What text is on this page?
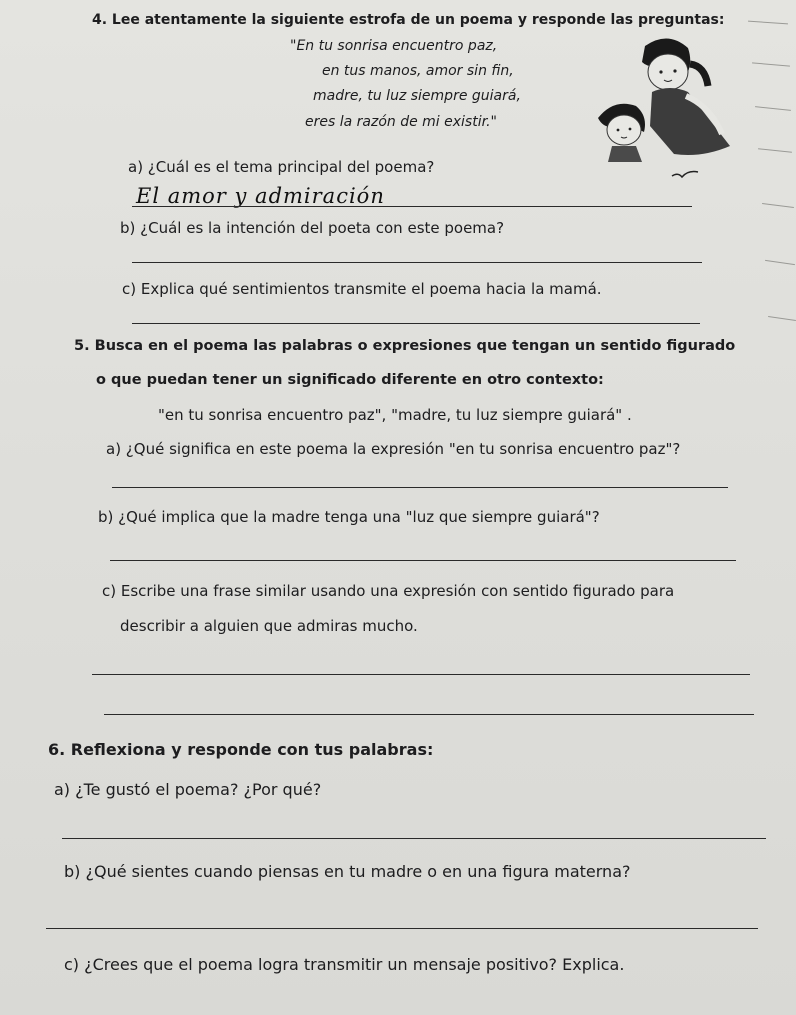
4. Lee atentamente la siguiente estrofa de un poema y responde las preguntas:
"En tu sonrisa encuentro paz,
en tus manos, amor sin fin,
madre, tu luz siempre guiará,
eres la razón de mi existir."
a) ¿Cuál es el tema principal del poema?
El amor y admiración
b) ¿Cuál es la intención del poeta con este poema?
c) Explica qué sentimientos transmite el poema hacia la mamá.
5. Busca en el poema las palabras o expresiones que tengan un sentido figurado
o que puedan tener un significado diferente en otro contexto:
"en tu sonrisa encuentro paz", "madre, tu luz siempre guiará" .
a) ¿Qué significa en este poema la expresión "en tu sonrisa encuentro paz"?
b) ¿Qué implica que la madre tenga una "luz que siempre guiará"?
c) Escribe una frase similar usando una expresión con sentido figurado para
describir a alguien que admiras mucho.
6. Reflexiona y responde con tus palabras:
a) ¿Te gustó el poema? ¿Por qué?
b) ¿Qué sientes cuando piensas en tu madre o en una figura materna?
c) ¿Crees que el poema logra transmitir un mensaje positivo? Explica.
